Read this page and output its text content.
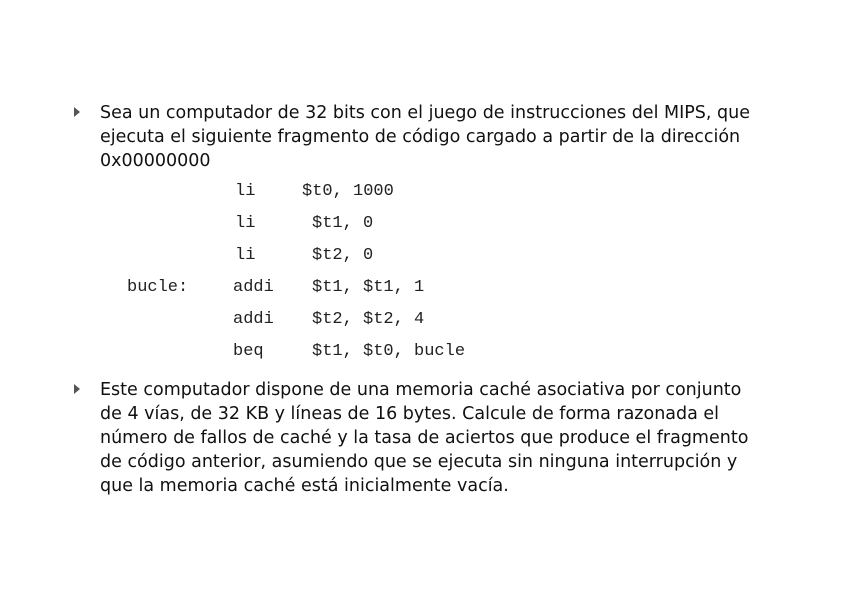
Sea un computador de 32 bits con el juego de instrucciones del MIPS, que
ejecuta el siguiente fragmento de código cargado a partir de la dirección
0x00000000
li	$t0, 1000
li	$t1, 0
li	$t2, 0
bucle:	addi $t1, $t1, 1
addi $t2, $t2, 4
beq	$t1, $t0, bucle
Este computador dispone de una memoria caché asociativa por conjunto
de 4 vías, de 32 KB y líneas de 16 bytes. Calcule de forma razonada el
número de fallos de caché y la tasa de aciertos que produce el fragmento
de código anterior, asumiendo que se ejecuta sin ninguna interrupción y
que la memoria caché está inicialmente vacía.
